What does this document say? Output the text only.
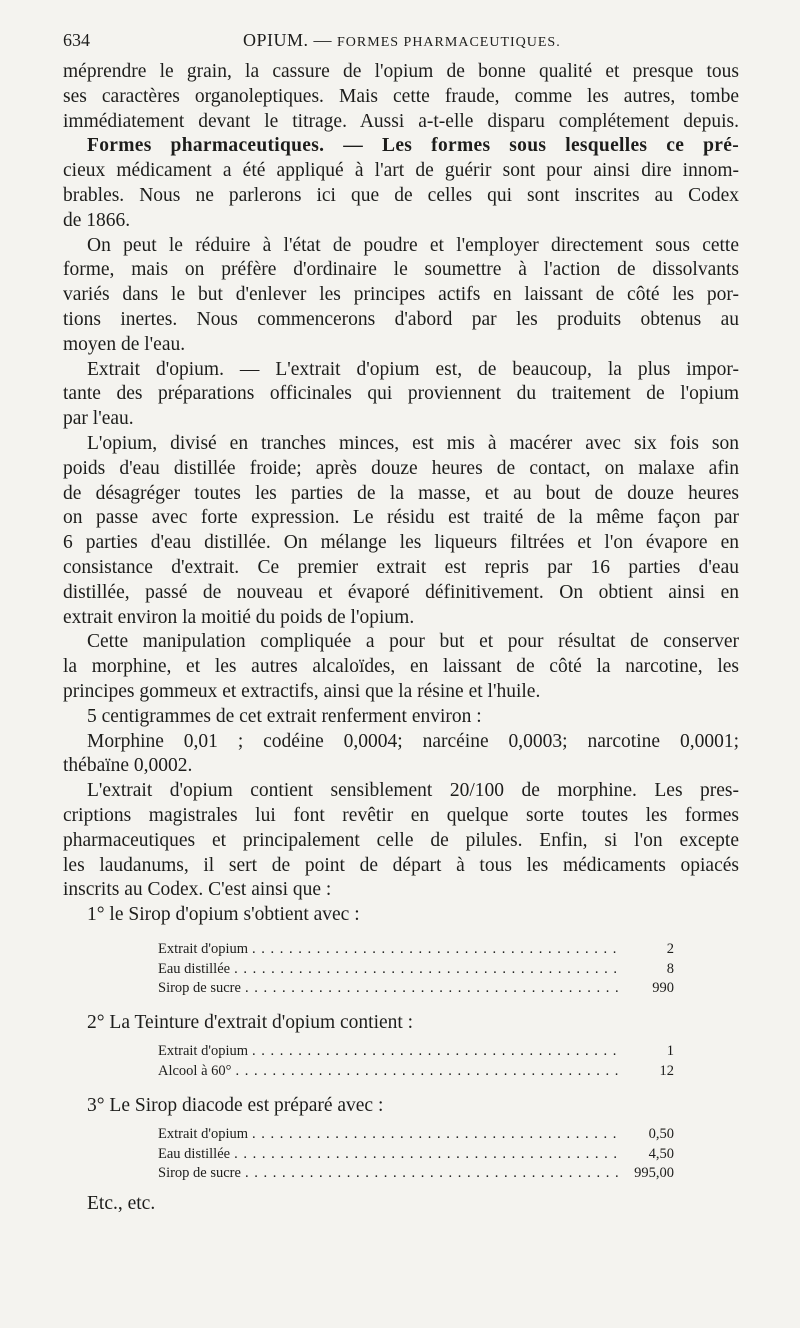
634	OPIUM. — FORMES PHARMACEUTIQUES.
méprendre le grain, la cassure de l'opium de bonne qualité et presque tous
ses caractères organoleptiques. Mais cette fraude, comme les autres, tombe
immédiatement devant le titrage. Aussi a-t-elle disparu complétement depuis.
Formes pharmaceutiques. — Les formes sous lesquelles ce pré-
cieux médicament a été appliqué à l'art de guérir sont pour ainsi dire innom-
brables. Nous ne parlerons ici que de celles qui sont inscrites au Codex
de 1866.
On peut le réduire à l'état de poudre et l'employer directement sous cette
forme, mais on préfère d'ordinaire le soumettre à l'action de dissolvants
variés dans le but d'enlever les principes actifs en laissant de côté les por-
tions inertes. Nous commencerons d'abord par les produits obtenus au
moyen de l'eau.
Extrait d'opium. — L'extrait d'opium est, de beaucoup, la plus impor-
tante des préparations officinales qui proviennent du traitement de l'opium
par l'eau.
L'opium, divisé en tranches minces, est mis à macérer avec six fois son
poids d'eau distillée froide; après douze heures de contact, on malaxe afin
de désagréger toutes les parties de la masse, et au bout de douze heures
on passe avec forte expression. Le résidu est traité de la même façon par
6 parties d'eau distillée. On mélange les liqueurs filtrées et l'on évapore en
consistance d'extrait. Ce premier extrait est repris par 16 parties d'eau
distillée, passé de nouveau et évaporé définitivement. On obtient ainsi en
extrait environ la moitié du poids de l'opium.
Cette manipulation compliquée a pour but et pour résultat de conserver
la morphine, et les autres alcaloïdes, en laissant de côté la narcotine, les
principes gommeux et extractifs, ainsi que la résine et l'huile.
5 centigrammes de cet extrait renferment environ :
Morphine 0,01 ; codéine 0,0004; narcéine 0,0003; narcotine 0,0001;
thébaïne 0,0002.
L'extrait d'opium contient sensiblement 20/100 de morphine. Les pres-
criptions magistrales lui font revêtir en quelque sorte toutes les formes
pharmaceutiques et principalement celle de pilules. Enfin, si l'on excepte
les laudanums, il sert de point de départ à tous les médicaments opiacés
inscrits au Codex. C'est ainsi que :
1° le Sirop d'opium s'obtient avec :
Extrait d'opium . . .	2
Eau distillée . . .	8
Sirop de sucre . . .	990
2° La Teinture d'extrait d'opium contient :
Extrait d'opium . . .	1
Alcool à 60° . . .	12
3° Le Sirop diacode est préparé avec :
Extrait d'opium . . .	0,50
Eau distillée . . .	4,50
Sirop de sucre . . .	995,00
Etc., etc.
